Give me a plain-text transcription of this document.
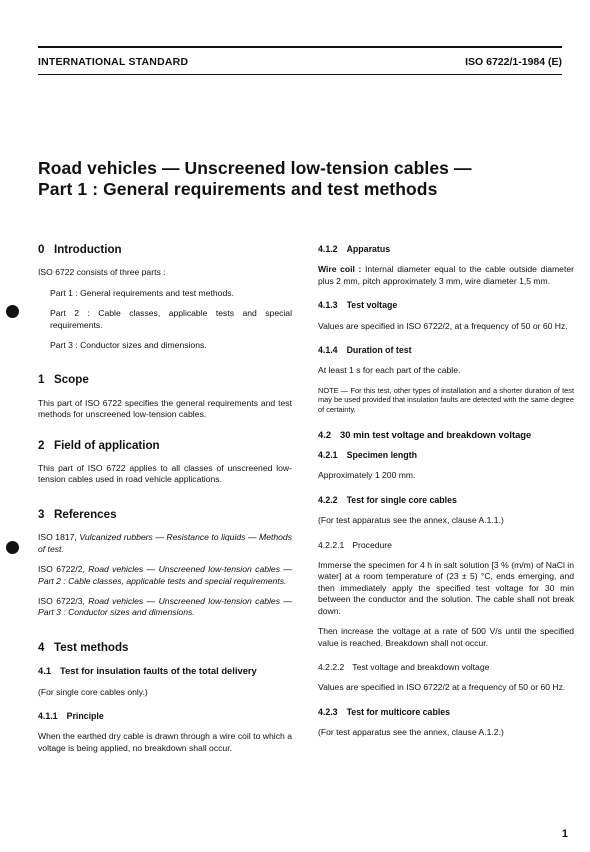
INTERNATIONAL STANDARD	ISO 6722/1-1984 (E)
Road vehicles — Unscreened low-tension cables —
Part 1 : General requirements and test methods
0 Introduction

ISO 6722 consists of three parts :

Part 1 : General requirements and test methods.

Part 2 : Cable classes, applicable tests and special requirements.

Part 3 : Conductor sizes and dimensions.

1 Scope

This part of ISO 6722 specifies the general requirements and test methods for unscreened low-tension cables.

2 Field of application

This part of ISO 6722 applies to all classes of unscreened low-tension cables used in road vehicle applications.

3 References

ISO 1817, Vulcanized rubbers — Resistance to liquids — Methods of test.

ISO 6722/2, Road vehicles — Unscreened low-tension cables — Part 2 : Cable classes, applicable tests and special requirements.

ISO 6722/3, Road vehicles — Unscreened low-tension cables — Part 3 : Conductor sizes and dimensions.

4 Test methods
4.1 Test for insulation faults of the total delivery

(For single core cables only.)

4.1.1 Principle

When the earthed dry cable is drawn through a wire coil to which a voltage is being applied, no breakdown shall occur.

4.1.2 Apparatus

Wire coil : Internal diameter equal to the cable outside diameter plus 2 mm, pitch approximately 3 mm, wire diameter 1,5 mm.

4.1.3 Test voltage

Values are specified in ISO 6722/2, at a frequency of 50 or 60 Hz.

4.1.4 Duration of test

At least 1 s for each part of the cable.

NOTE — For this test, other types of installation and a shorter duration of test may be used provided that insulation faults are detected with the same degree of certainty.

4.2 30 min test voltage and breakdown voltage
4.2.1 Specimen length

Approximately 1 200 mm.

4.2.2 Test for single core cables

(For test apparatus see the annex, clause A.1.1.)

4.2.2.1 Procedure

Immerse the specimen for 4 h in salt solution [3 % (m/m) of NaCl in water] at a room temperature of (23 ± 5) °C, ends emerging, and then immediately apply the specified test voltage for 30 min between the conductor and the solution. The cable shall not break down.

Then increase the voltage at a rate of 500 V/s until the specified value is reached. Breakdown shall not occur.

4.2.2.2 Test voltage and breakdown voltage

Values are specified in ISO 6722/2 at a frequency of 50 or 60 Hz.

4.2.3 Test for multicore cables

(For test apparatus see the annex, clause A.1.2.)

1
